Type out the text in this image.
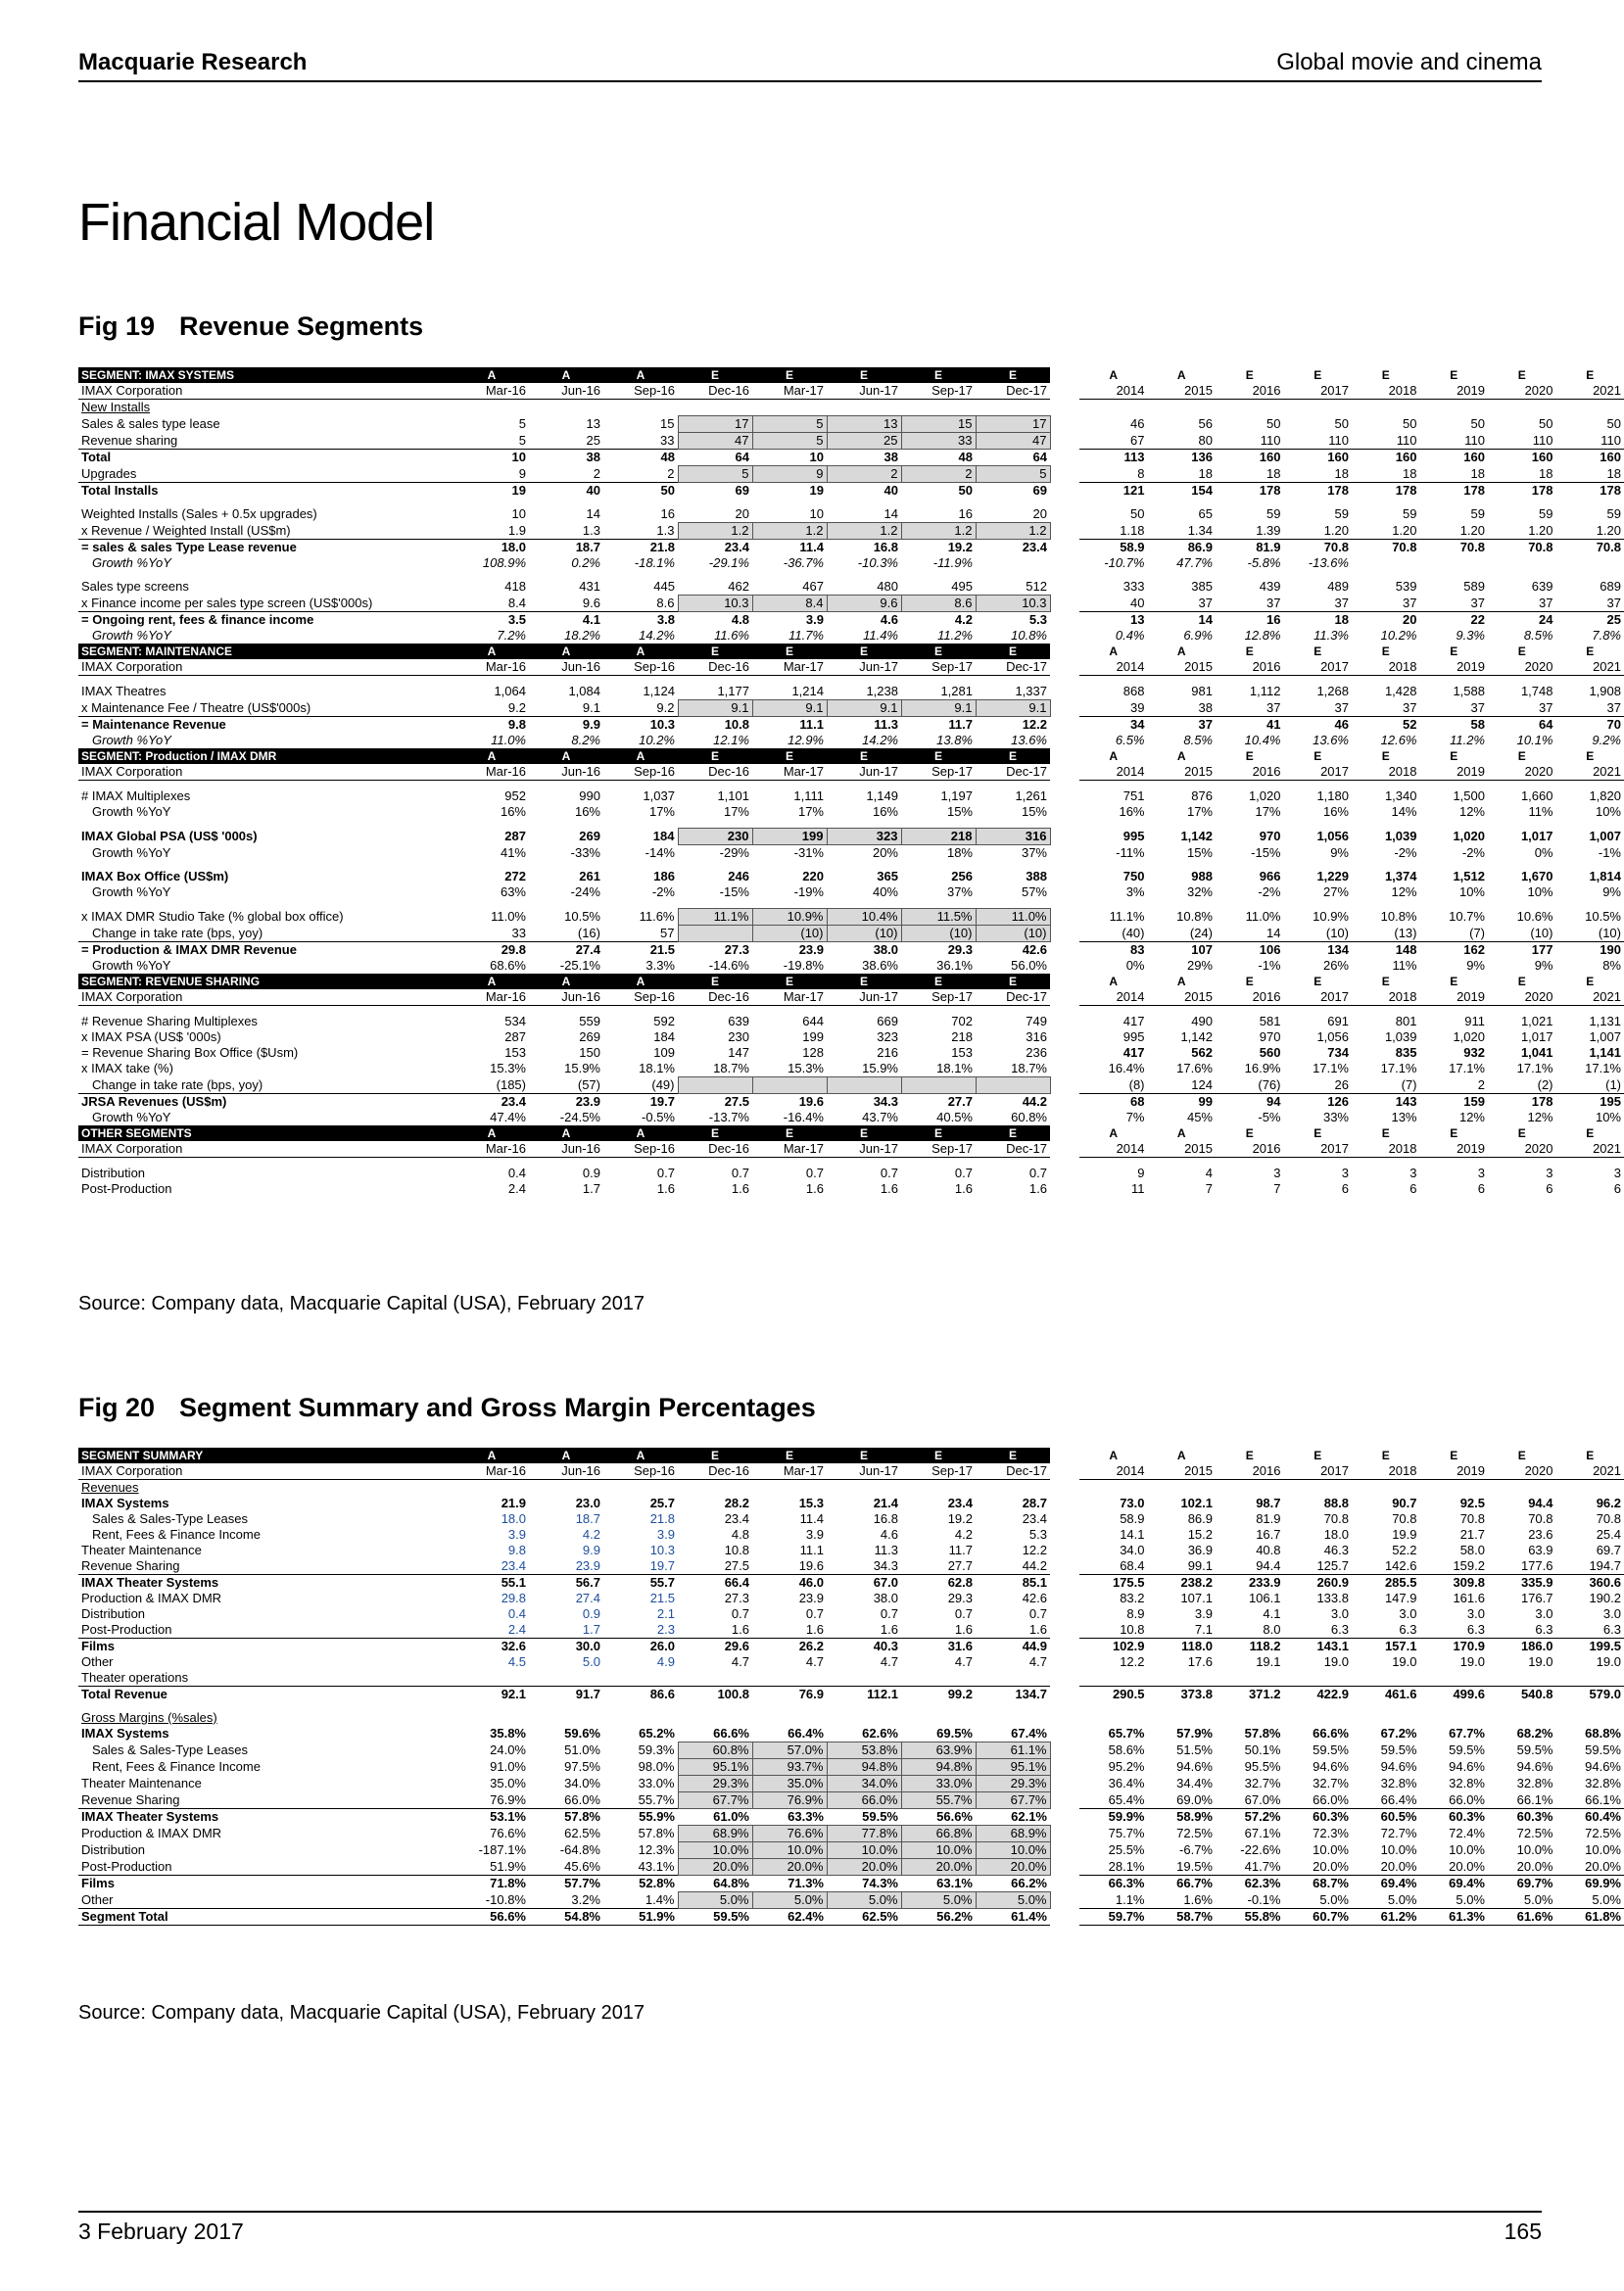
Macquarie Research	Global movie and cinema
Financial Model
Fig 19 Revenue Segments
SEGMENT: IMAX SYSTEMS	A	A	A	E	E	E	E	E		A	A	E	E	E	E	E	E
IMAX Corporation	Mar-16	Jun-16	Sep-16	Dec-16	Mar-17	Jun-17	Sep-17	Dec-17		2014	2015	2016	2017	2018	2019	2020	2021
New Installs																	
Sales & sales type lease	5	13	15	17	5	13	15	17		46	56	50	50	50	50	50	50
Revenue sharing	5	25	33	47	5	25	33	47		67	80	110	110	110	110	110	110
Total	10	38	48	64	10	38	48	64		113	136	160	160	160	160	160	160
Upgrades	9	2	2	5	9	2	2	5		8	18	18	18	18	18	18	18
Total Installs	19	40	50	69	19	40	50	69		121	154	178	178	178	178	178	178

Weighted Installs (Sales + 0.5x upgrades)	10	14	16	20	10	14	16	20		50	65	59	59	59	59	59	59
x Revenue / Weighted Install (US$m)	1.9	1.3	1.3	1.2	1.2	1.2	1.2	1.2		1.18	1.34	1.39	1.20	1.20	1.20	1.20	1.20
= sales & sales Type Lease revenue	18.0	18.7	21.8	23.4	11.4	16.8	19.2	23.4		58.9	86.9	81.9	70.8	70.8	70.8	70.8	70.8
Growth %YoY	108.9%	0.2%	-18.1%	-29.1%	-36.7%	-10.3%	-11.9%			-10.7%	47.7%	-5.8%	-13.6%				

Sales type screens	418	431	445	462	467	480	495	512		333	385	439	489	539	589	639	689
x Finance income per sales type screen (US$'000s)	8.4	9.6	8.6	10.3	8.4	9.6	8.6	10.3		40	37	37	37	37	37	37	37
= Ongoing rent, fees & finance income	3.5	4.1	3.8	4.8	3.9	4.6	4.2	5.3		13	14	16	18	20	22	24	25
Growth %YoY	7.2%	18.2%	14.2%	11.6%	11.7%	11.4%	11.2%	10.8%		0.4%	6.9%	12.8%	11.3%	10.2%	9.3%	8.5%	7.8%
SEGMENT: MAINTENANCE	A	A	A	E	E	E	E	E		A	A	E	E	E	E	E	E
IMAX Corporation	Mar-16	Jun-16	Sep-16	Dec-16	Mar-17	Jun-17	Sep-17	Dec-17		2014	2015	2016	2017	2018	2019	2020	2021

IMAX Theatres	1,064	1,084	1,124	1,177	1,214	1,238	1,281	1,337		868	981	1,112	1,268	1,428	1,588	1,748	1,908
x Maintenance Fee / Theatre (US$'000s)	9.2	9.1	9.2	9.1	9.1	9.1	9.1	9.1		39	38	37	37	37	37	37	37
= Maintenance Revenue	9.8	9.9	10.3	10.8	11.1	11.3	11.7	12.2		34	37	41	46	52	58	64	70
Growth %YoY	11.0%	8.2%	10.2%	12.1%	12.9%	14.2%	13.8%	13.6%		6.5%	8.5%	10.4%	13.6%	12.6%	11.2%	10.1%	9.2%
SEGMENT: Production / IMAX DMR	A	A	A	E	E	E	E	E		A	A	E	E	E	E	E	E
IMAX Corporation	Mar-16	Jun-16	Sep-16	Dec-16	Mar-17	Jun-17	Sep-17	Dec-17		2014	2015	2016	2017	2018	2019	2020	2021

# IMAX Multiplexes	952	990	1,037	1,101	1,111	1,149	1,197	1,261		751	876	1,020	1,180	1,340	1,500	1,660	1,820
Growth %YoY	16%	16%	17%	17%	17%	16%	15%	15%		16%	17%	17%	16%	14%	12%	11%	10%

IMAX Global PSA (US$ '000s)	287	269	184	230	199	323	218	316		995	1,142	970	1,056	1,039	1,020	1,017	1,007
Growth %YoY	41%	-33%	-14%	-29%	-31%	20%	18%	37%		-11%	15%	-15%	9%	-2%	-2%	0%	-1%

IMAX Box Office (US$m)	272	261	186	246	220	365	256	388		750	988	966	1,229	1,374	1,512	1,670	1,814
Growth %YoY	63%	-24%	-2%	-15%	-19%	40%	37%	57%		3%	32%	-2%	27%	12%	10%	10%	9%

x IMAX DMR Studio Take (% global box office)	11.0%	10.5%	11.6%	11.1%	10.9%	10.4%	11.5%	11.0%		11.1%	10.8%	11.0%	10.9%	10.8%	10.7%	10.6%	10.5%
Change in take rate (bps, yoy)	33	(16)	57		(10)	(10)	(10)	(10)		(40)	(24)	14	(10)	(13)	(7)	(10)	(10)
= Production & IMAX DMR Revenue	29.8	27.4	21.5	27.3	23.9	38.0	29.3	42.6		83	107	106	134	148	162	177	190
Growth %YoY	68.6%	-25.1%	3.3%	-14.6%	-19.8%	38.6%	36.1%	56.0%		0%	29%	-1%	26%	11%	9%	9%	8%
SEGMENT: REVENUE SHARING	A	A	A	E	E	E	E	E		A	A	E	E	E	E	E	E
IMAX Corporation	Mar-16	Jun-16	Sep-16	Dec-16	Mar-17	Jun-17	Sep-17	Dec-17		2014	2015	2016	2017	2018	2019	2020	2021

# Revenue Sharing Multiplexes	534	559	592	639	644	669	702	749		417	490	581	691	801	911	1,021	1,131
x IMAX PSA (US$ '000s)	287	269	184	230	199	323	218	316		995	1,142	970	1,056	1,039	1,020	1,017	1,007
= Revenue Sharing Box Office ($Usm)	153	150	109	147	128	216	153	236		417	562	560	734	835	932	1,041	1,141
x IMAX take (%)	15.3%	15.9%	18.1%	18.7%	15.3%	15.9%	18.1%	18.7%		16.4%	17.6%	16.9%	17.1%	17.1%	17.1%	17.1%	17.1%
Change in take rate (bps, yoy)	(185)	(57)	(49)							(8)	124	(76)	26	(7)	2	(2)	(1)
JRSA Revenues (US$m)	23.4	23.9	19.7	27.5	19.6	34.3	27.7	44.2		68	99	94	126	143	159	178	195
Growth %YoY	47.4%	-24.5%	-0.5%	-13.7%	-16.4%	43.7%	40.5%	60.8%		7%	45%	-5%	33%	13%	12%	12%	10%
OTHER SEGMENTS	A	A	A	E	E	E	E	E		A	A	E	E	E	E	E	E
IMAX Corporation	Mar-16	Jun-16	Sep-16	Dec-16	Mar-17	Jun-17	Sep-17	Dec-17		2014	2015	2016	2017	2018	2019	2020	2021

Distribution	0.4	0.9	0.7	0.7	0.7	0.7	0.7	0.7		9	4	3	3	3	3	3	3
Post-Production	2.4	1.7	1.6	1.6	1.6	1.6	1.6	1.6		11	7	7	6	6	6	6	6
Source: Company data, Macquarie Capital (USA), February 2017
Fig 20 Segment Summary and Gross Margin Percentages
SEGMENT SUMMARY	A	A	A	E	E	E	E	E		A	A	E	E	E	E	E	E
IMAX Corporation	Mar-16	Jun-16	Sep-16	Dec-16	Mar-17	Jun-17	Sep-17	Dec-17		2014	2015	2016	2017	2018	2019	2020	2021
Revenues																	
IMAX Systems	21.9	23.0	25.7	28.2	15.3	21.4	23.4	28.7		73.0	102.1	98.7	88.8	90.7	92.5	94.4	96.2
Sales & Sales-Type Leases	18.0	18.7	21.8	23.4	11.4	16.8	19.2	23.4		58.9	86.9	81.9	70.8	70.8	70.8	70.8	70.8
Rent, Fees & Finance Income	3.9	4.2	3.9	4.8	3.9	4.6	4.2	5.3		14.1	15.2	16.7	18.0	19.9	21.7	23.6	25.4
Theater Maintenance	9.8	9.9	10.3	10.8	11.1	11.3	11.7	12.2		34.0	36.9	40.8	46.3	52.2	58.0	63.9	69.7
Revenue Sharing	23.4	23.9	19.7	27.5	19.6	34.3	27.7	44.2		68.4	99.1	94.4	125.7	142.6	159.2	177.6	194.7
IMAX Theater Systems	55.1	56.7	55.7	66.4	46.0	67.0	62.8	85.1		175.5	238.2	233.9	260.9	285.5	309.8	335.9	360.6
Production & IMAX DMR	29.8	27.4	21.5	27.3	23.9	38.0	29.3	42.6		83.2	107.1	106.1	133.8	147.9	161.6	176.7	190.2
Distribution	0.4	0.9	2.1	0.7	0.7	0.7	0.7	0.7		8.9	3.9	4.1	3.0	3.0	3.0	3.0	3.0
Post-Production	2.4	1.7	2.3	1.6	1.6	1.6	1.6	1.6		10.8	7.1	8.0	6.3	6.3	6.3	6.3	6.3
Films	32.6	30.0	26.0	29.6	26.2	40.3	31.6	44.9		102.9	118.0	118.2	143.1	157.1	170.9	186.0	199.5
Other	4.5	5.0	4.9	4.7	4.7	4.7	4.7	4.7		12.2	17.6	19.1	19.0	19.0	19.0	19.0	19.0
Theater operations																	
Total Revenue	92.1	91.7	86.6	100.8	76.9	112.1	99.2	134.7		290.5	373.8	371.2	422.9	461.6	499.6	540.8	579.0

Gross Margins (%sales)																	
IMAX Systems	35.8%	59.6%	65.2%	66.6%	66.4%	62.6%	69.5%	67.4%		65.7%	57.9%	57.8%	66.6%	67.2%	67.7%	68.2%	68.8%
Sales & Sales-Type Leases	24.0%	51.0%	59.3%	60.8%	57.0%	53.8%	63.9%	61.1%		58.6%	51.5%	50.1%	59.5%	59.5%	59.5%	59.5%	59.5%
Rent, Fees & Finance Income	91.0%	97.5%	98.0%	95.1%	93.7%	94.8%	94.8%	95.1%		95.2%	94.6%	95.5%	94.6%	94.6%	94.6%	94.6%	94.6%
Theater Maintenance	35.0%	34.0%	33.0%	29.3%	35.0%	34.0%	33.0%	29.3%		36.4%	34.4%	32.7%	32.7%	32.8%	32.8%	32.8%	32.8%
Revenue Sharing	76.9%	66.0%	55.7%	67.7%	76.9%	66.0%	55.7%	67.7%		65.4%	69.0%	67.0%	66.0%	66.4%	66.0%	66.1%	66.1%
IMAX Theater Systems	53.1%	57.8%	55.9%	61.0%	63.3%	59.5%	56.6%	62.1%		59.9%	58.9%	57.2%	60.3%	60.5%	60.3%	60.3%	60.4%
Production & IMAX DMR	76.6%	62.5%	57.8%	68.9%	76.6%	77.8%	66.8%	68.9%		75.7%	72.5%	67.1%	72.3%	72.7%	72.4%	72.5%	72.5%
Distribution	-187.1%	-64.8%	12.3%	10.0%	10.0%	10.0%	10.0%	10.0%		25.5%	-6.7%	-22.6%	10.0%	10.0%	10.0%	10.0%	10.0%
Post-Production	51.9%	45.6%	43.1%	20.0%	20.0%	20.0%	20.0%	20.0%		28.1%	19.5%	41.7%	20.0%	20.0%	20.0%	20.0%	20.0%
Films	71.8%	57.7%	52.8%	64.8%	71.3%	74.3%	63.1%	66.2%		66.3%	66.7%	62.3%	68.7%	69.4%	69.4%	69.7%	69.9%
Other	-10.8%	3.2%	1.4%	5.0%	5.0%	5.0%	5.0%	5.0%		1.1%	1.6%	-0.1%	5.0%	5.0%	5.0%	5.0%	5.0%
Segment Total	56.6%	54.8%	51.9%	59.5%	62.4%	62.5%	56.2%	61.4%		59.7%	58.7%	55.8%	60.7%	61.2%	61.3%	61.6%	61.8%
Source: Company data, Macquarie Capital (USA), February 2017
3 February 2017	165
